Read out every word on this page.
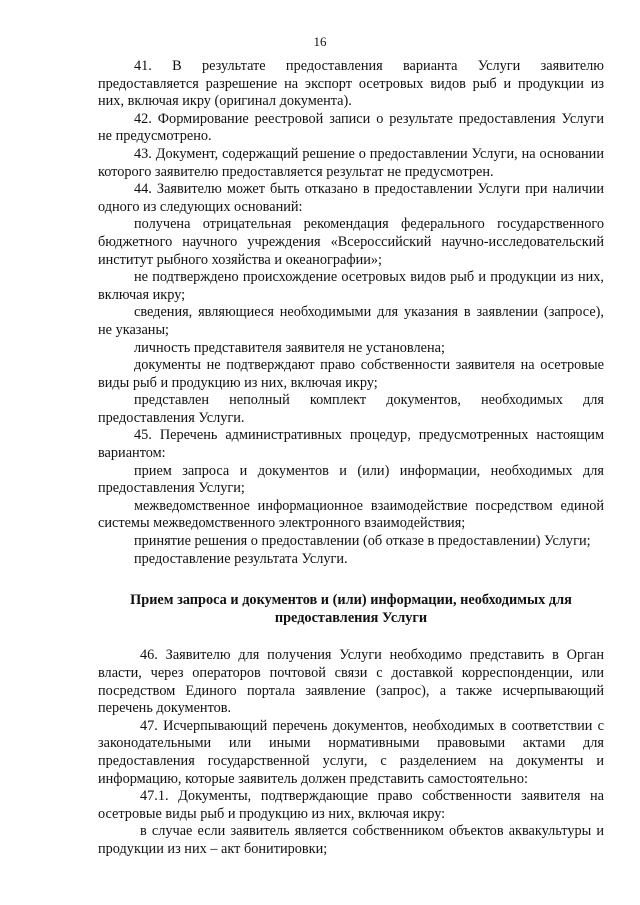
16

41. В результате предоставления варианта Услуги заявителю предоставляется разрешение на экспорт осетровых видов рыб и продукции из них, включая икру (оригинал документа).

42. Формирование реестровой записи о результате предоставления Услуги не предусмотрено.

43. Документ, содержащий решение о предоставлении Услуги, на основании которого заявителю предоставляется результат не предусмотрен.

44. Заявителю может быть отказано в предоставлении Услуги при наличии одного из следующих оснований:

получена отрицательная рекомендация федерального государственного бюджетного научного учреждения «Всероссийский научно-исследовательский институт рыбного хозяйства и океанографии»;

не подтверждено происхождение осетровых видов рыб и продукции из них, включая икру;

сведения, являющиеся необходимыми для указания в заявлении (запросе), не указаны;

личность представителя заявителя не установлена;

документы не подтверждают право собственности заявителя на осетровые виды рыб и продукцию из них, включая икру;

представлен неполный комплект документов, необходимых для предоставления Услуги.

45. Перечень административных процедур, предусмотренных настоящим вариантом:

прием запроса и документов и (или) информации, необходимых для предоставления Услуги;

межведомственное информационное взаимодействие посредством единой системы межведомственного электронного взаимодействия;

принятие решения о предоставлении (об отказе в предоставлении) Услуги;

предоставление результата Услуги.

Прием запроса и документов и (или) информации, необходимых для предоставления Услуги

46. Заявителю для получения Услуги необходимо представить в Орган власти, через операторов почтовой связи с доставкой корреспонденции, или посредством Единого портала заявление (запрос), а также исчерпывающий перечень документов.

47. Исчерпывающий перечень документов, необходимых в соответствии с законодательными или иными нормативными правовыми актами для предоставления государственной услуги, с разделением на документы и информацию, которые заявитель должен представить самостоятельно:

47.1. Документы, подтверждающие право собственности заявителя на осетровые виды рыб и продукцию из них, включая икру:

в случае если заявитель является собственником объектов аквакультуры и продукции из них – акт бонитировки;
